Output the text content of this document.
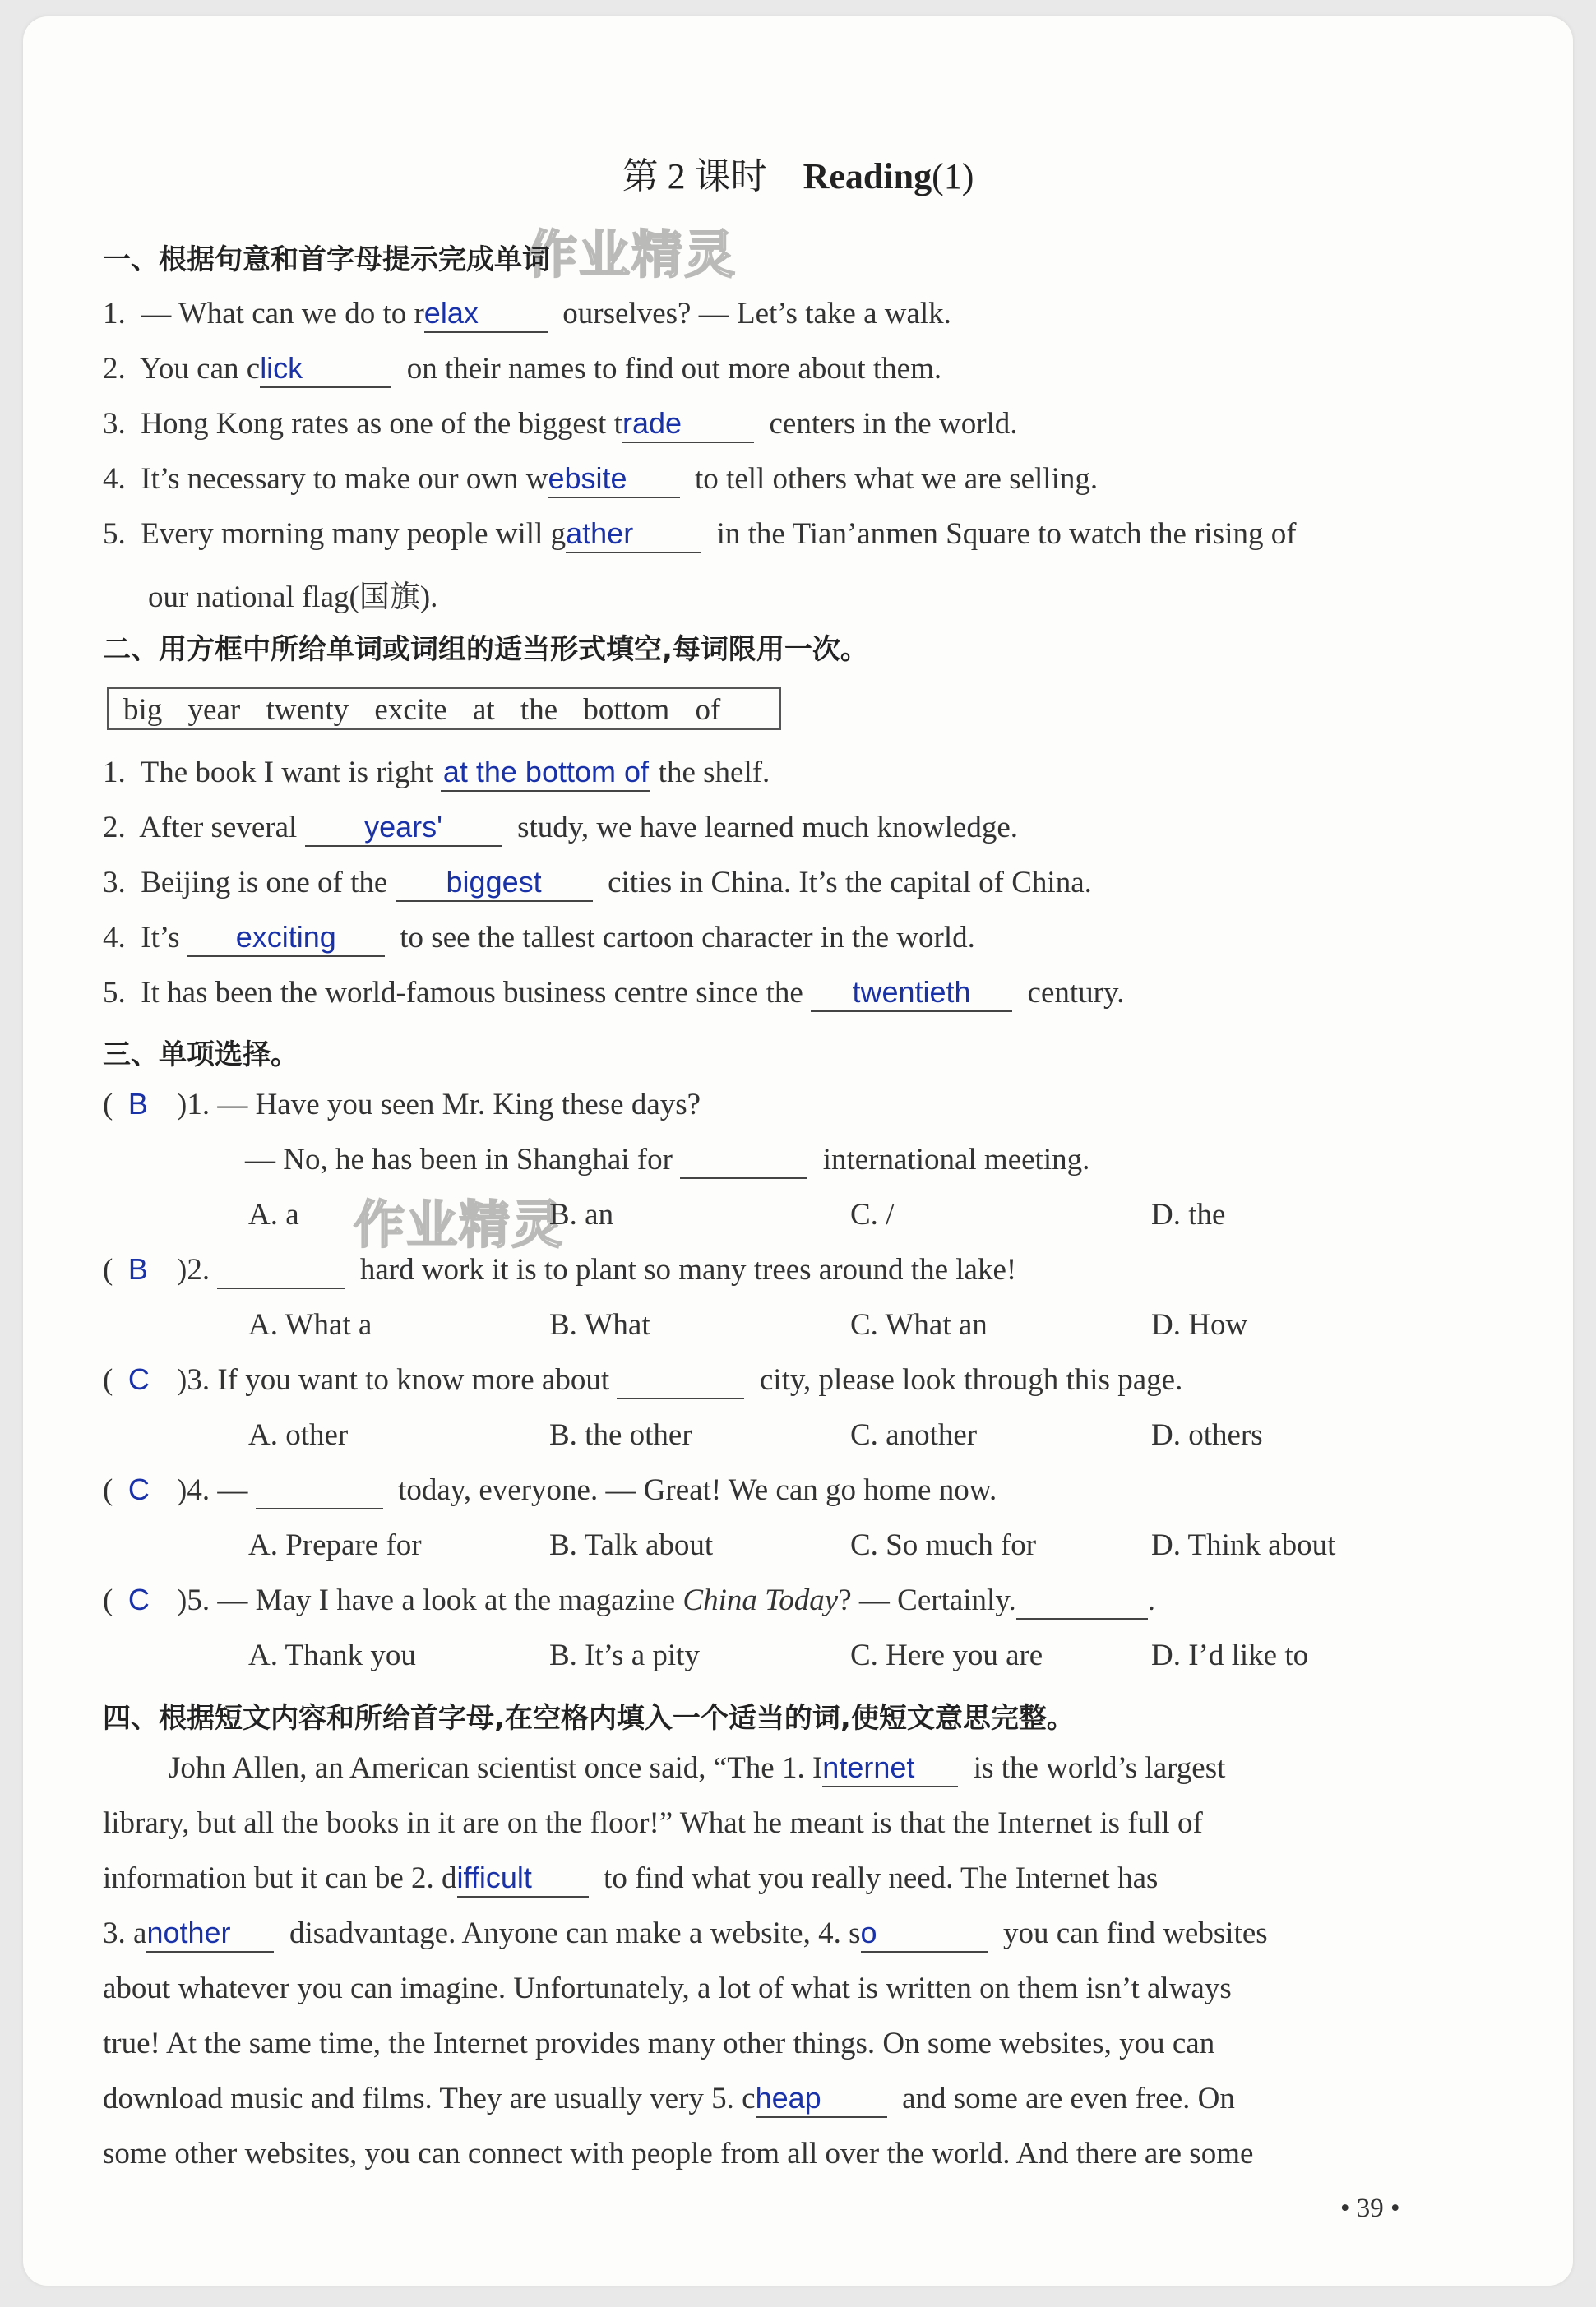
第 2 课时 Reading(1)
作业精灵
作业精灵
一、根据句意和首字母提示完成单词
1. — What can we do to relax	ourselves? — Let’s take a walk.
2. You can click	on their names to find out more about them.
3. Hong Kong rates as one of the biggest trade	centers in the world.
4. It’s necessary to make our own website to tell others what we are selling.
5. Every morning many people will gather	in the Tian’anmen Square to watch the rising of
our national flag(国旗).
二、用方框中所给单词或词组的适当形式填空,每词限用一次。
big year twenty excite at the bottom of
1. The book I want is right at the bottom of the shelf.
2. After several years' study, we have learned much knowledge.
3. Beijing is one of the biggest cities in China. It’s the capital of China.
4. It’s exciting to see the tallest cartoon character in the world.
5. It has been the world-famous business centre since the twentieth century.
三、单项选择。
(  B )1. — Have you seen Mr. King these days?
— No, he has been in Shanghai for	international meeting.
A. a	B. an	C. /	D. the
(  B )2.	hard work it is to plant so many trees around the lake!
A. What a	B. What	C. What an	D. How
(  C )3. If you want to know more about	city, please look through this page.
A. other	B. the other	C. another	D. others
(  C )4. —	today, everyone. — Great! We can go home now.
A. Prepare for	B. Talk about	C. So much for	D. Think about
(  C )5. — May I have a look at the magazine China Today? — Certainly.	.
A. Thank you	B. It’s a pity	C. Here you are	D. I’d like to
四、根据短文内容和所给首字母,在空格内填入一个适当的词,使短文意思完整。
John Allen, an American scientist once said, “The 1. Internet is the world’s largest
library, but all the books in it are on the floor!” What he meant is that the Internet is full of
information but it can be 2. difficult to find what you really need. The Internet has
3. another disadvantage. Anyone can make a website, 4. so	you can find websites
about whatever you can imagine. Unfortunately, a lot of what is written on them isn’t always
true! At the same time, the Internet provides many other things. On some websites, you can
download music and films. They are usually very 5. cheap	and some are even free. On
some other websites, you can connect with people from all over the world. And there are some
• 39 •
